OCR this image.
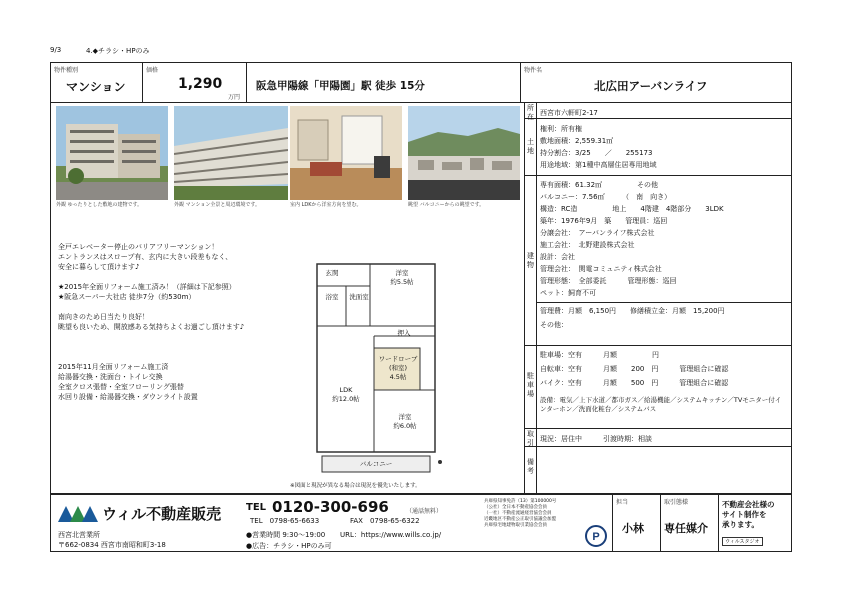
9/3	4.◆チラシ・HPのみ
物件種別
マンション
価格
1,290
万円
阪急甲陽線「甲陽園」駅 徒歩 15分
物件名
北広田アーバンライフ
外観 ゆったりとした敷地の建物です。	外観 マンション全景と周辺環境です。	室内 LDKから洋室方向を望む。	眺望 バルコニーからの眺望です。
全戸エレベーター停止のバリアフリーマンション！
エントランスはスロープ有、玄内に大きい段差もなく、
安全に暮らして頂けます♪

★2015年全面リフォーム施工済み！（詳細は下記参照）
★阪急スーパー大社店 徒歩7分（約530m）

南向きのため日当たり良好！
眺望も良いため、開放感ある気持ちよくお過ごし頂けます♪

2015年11月全面リフォーム施工済
給湯器交換・洗面台・トイレ交換
全室クロス張替・全室フローリング張替
水回り設備・給湯器交換・ダウンライト設置
洋室
約5.5帖
玄関
浴室	洗面室
押入
ワードローブ
(和室)
4.5帖
洋室
約6.0帖
LDK
約12.0帖
バルコニー
※図面と現況が異なる場合は現況を優先いたします。
所在 西宮市六軒町2-17
土地
権利：所有権
敷地面積：2,559.31㎡
持分割合：3/25　　／　　255173
用途地域：第1種中高層住居専用地域
建物
専有面積：61.32㎡　　　　　その他
バルコニー：7.56㎡　　　（　南　向き）
構造：RC造　　　　　地上　　4階建　4階部分　　3LDK
築年：1976年9月　築　　管理員：巡回
分譲会社：　アーバンライフ株式会社
施工会社：　北野建設株式会社
設計：会社
管理会社：　関電コミュニティ株式会社
管理形態：　全部委託　　　管理形態：巡回
ペット：飼育不可
管理費：月額　6,150円　　修繕積立金：月額　15,200円
その他：
駐車場
駐車場：空有　　　月額　　　　　円
自転車：空有　　　月額　　200　円　　　管理組合に確認
バイク：空有　　　月額　　500　円　　　管理組合に確認
設備：電気／上下水道／都市ガス／給湯機能／システムキッチン／TVモニター付インターホン／洗面化粧台／システムバス
取引 現況：居住中　　　引渡時期：相談
備考
ウィル不動産販売
西宮北営業所
〒662-0834 西宮市南昭和町3-18
TEL 0120-300-696	（通話無料）
TEL　0798-65-6633	FAX　0798-65-6322
●営業時間 9:30〜19:00 URL：https://www.wills.co.jp/
●広告：チラシ・HPのみ可
兵庫県知事免許（13）第100000号
（公社）全日本不動産協会会員
（一社）不動産流通経営協会会員
近畿地区不動産公正取引協議会加盟
兵庫県宅地建物取引業協会会員
P
担当
小林
取引態様
専任媒介
不動産会社様の
サイト制作を
承ります。
ウィルスタジオ
